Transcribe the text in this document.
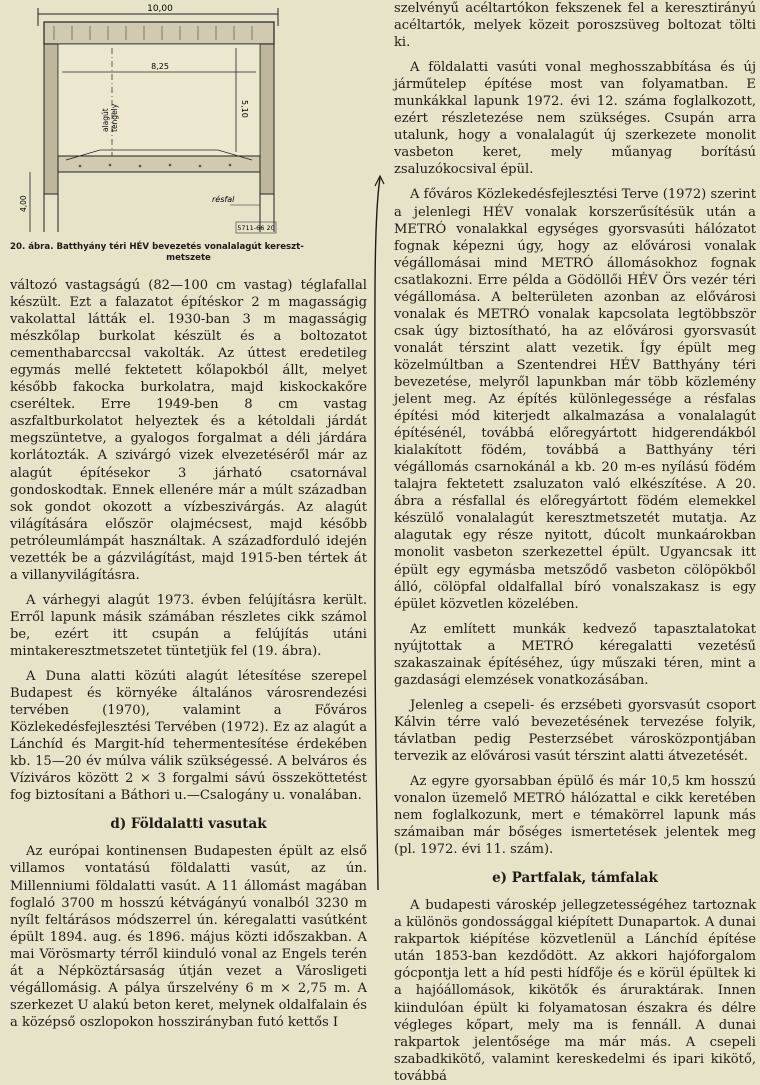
10,00
8,25
5,10
alagút tengely
4,00	résfal
5711-66 20
20. ábra. Batthyány téri HÉV bevezetés vonalalagút kereszt-
metszete

változó vastagságú (82—100 cm vastag) téglafallal készült. Ezt a falazatot építéskor 2 m magasságig vakolattal látták el. 1930-ban 3 m magasságig mészkőlap burkolat készült és a boltozatot cementhabarccsal vakolták. Az úttest eredetileg egymás mellé fektetett kőlapokból állt, melyet később fakocka burkolatra, majd kiskockakőre cseréltek. Erre 1949-ben 8 cm vastag aszfaltburkolatot helyeztek és a kétoldali járdát megszüntetve, a gyalogos forgalmat a déli járdára korlátozták. A szivárgó vizek elvezetéséről már az alagút építésekor 3 járható csatornával gondoskodtak. Ennek ellenére már a múlt században sok gondot okozott a vízbeszivárgás. Az alagút világítására először olajmécsest, majd később petróleumlámpát használtak. A századforduló idején vezették be a gázvilágítást, majd 1915-ben tértek át a villanyvilágításra.

A várhegyi alagút 1973. évben felújításra került. Erről lapunk másik számában részletes cikk számol be, ezért itt csupán a felújítás utáni mintakeresztmetszetet tüntetjük fel (19. ábra).

A Duna alatti közúti alagút létesítése szerepel Budapest és környéke általános városrendezési tervében (1970), valamint a Főváros Közlekedésfejlesztési Tervében (1972). Ez az alagút a Lánchíd és Margit-híd tehermentesítése érdekében kb. 15—20 év múlva válik szükségessé. A belváros és Víziváros között 2 × 3 forgalmi sávú összeköttetést fog biztosítani a Báthori u.—Csalogány u. vonalában.

d) Földalatti vasutak

Az európai kontinensen Budapesten épült az első villamos vontatású földalatti vasút, az ún. Millenniumi földalatti vasút. A 11 állomást magában foglaló 3700 m hosszú kétvágányú vonalból 3230 m nyílt feltárásos módszerrel ún. kéregalatti vasútként épült 1894. aug. és 1896. május közti időszakban. A mai Vörösmarty térről kiinduló vonal az Engels terén át a Népköztársaság útján vezet a Városligeti végállomásig. A pálya űrszelvény 6 m × 2,75 m. A szerkezet U alakú beton keret, melynek oldalfalain és a középső oszlopokon hosszirányban futó kettős I

szelvényű acéltartókon fekszenek fel a keresztirányú acéltartók, melyek közeit poroszsüveg boltozat tölti ki.

A földalatti vasúti vonal meghosszabbítása és új járműtelep építése most van folyamatban. E munkákkal lapunk 1972. évi 12. száma foglalkozott, ezért részletezése nem szükséges. Csupán arra utalunk, hogy a vonalalagút új szerkezete monolit vasbeton keret, mely műanyag borítású zsaluzókocsival épül.

A főváros Közlekedésfejlesztési Terve (1972) szerint a jelenlegi HÉV vonalak korszerűsítésük után a METRÓ vonalakkal egységes gyorsvasúti hálózatot fognak képezni úgy, hogy az elővárosi vonalak végállomásai mind METRÓ állomásokhoz fognak csatlakozni. Erre példa a Gödöllői HÉV Örs vezér téri végállomása. A belterületen azonban az elővárosi vonalak és METRÓ vonalak kapcsolata legtöbbször csak úgy biztosítható, ha az elővárosi gyorsvasút vonalát térszint alatt vezetik. Így épült meg közelmúltban a Szentendrei HÉV Batthyány téri bevezetése, melyről lapunkban már több közlemény jelent meg. Az építés különlegessége a résfalas építési mód kiterjedt alkalmazása a vonalalagút építésénél, továbbá előregyártott hidgerendákból kialakított födém, továbbá a Batthyány téri végállomás csarnokánál a kb. 20 m-es nyílású födém talajra fektetett zsaluzaton való elkészítése. A 20. ábra a résfallal és előregyártott födém elemekkel készülő vonalalagút keresztmetszetét mutatja. Az alagutak egy része nyitott, dúcolt munkaárokban monolit vasbeton szerkezettel épült. Ugyancsak itt épült egy egymásba metsződő vasbeton cölöpökből álló, cölöpfal oldalfallal bíró vonalszakasz is egy épület közvetlen közelében.

Az említett munkák kedvező tapasztalatokat nyújtottak a METRÓ kéregalatti vezetésű szakaszainak építéséhez, úgy műszaki téren, mint a gazdasági elemzések vonatkozásában.

Jelenleg a csepeli- és erzsébeti gyorsvasút csoport Kálvin térre való bevezetésének tervezése folyik, távlatban pedig Pesterzsébet városközpontjában tervezik az elővárosi vasút térszint alatti átvezetését.

Az egyre gyorsabban épülő és már 10,5 km hosszú vonalon üzemelő METRÓ hálózattal e cikk keretében nem foglalkozunk, mert e témakörrel lapunk más számaiban már bőséges ismertetések jelentek meg (pl. 1972. évi 11. szám).

e) Partfalak, támfalak

A budapesti városkép jellegzetességéhez tartoznak a különös gondossággal kiépített Dunapartok. A dunai rakpartok kiépítése közvetlenül a Lánchíd építése után 1853-ban kezdődött. Az akkori hajóforgalom gócpontja lett a híd pesti hídfője és e körül épültek ki a hajóállomások, kikötők és áruraktárak. Innen kiindulóan épült ki folyamatosan északra és délre végleges kőpart, mely ma is fennáll. A dunai rakpartok jelentősége ma már más. A csepeli szabadkikötő, valamint kereskedelmi és ipari kikötő, továbbá
